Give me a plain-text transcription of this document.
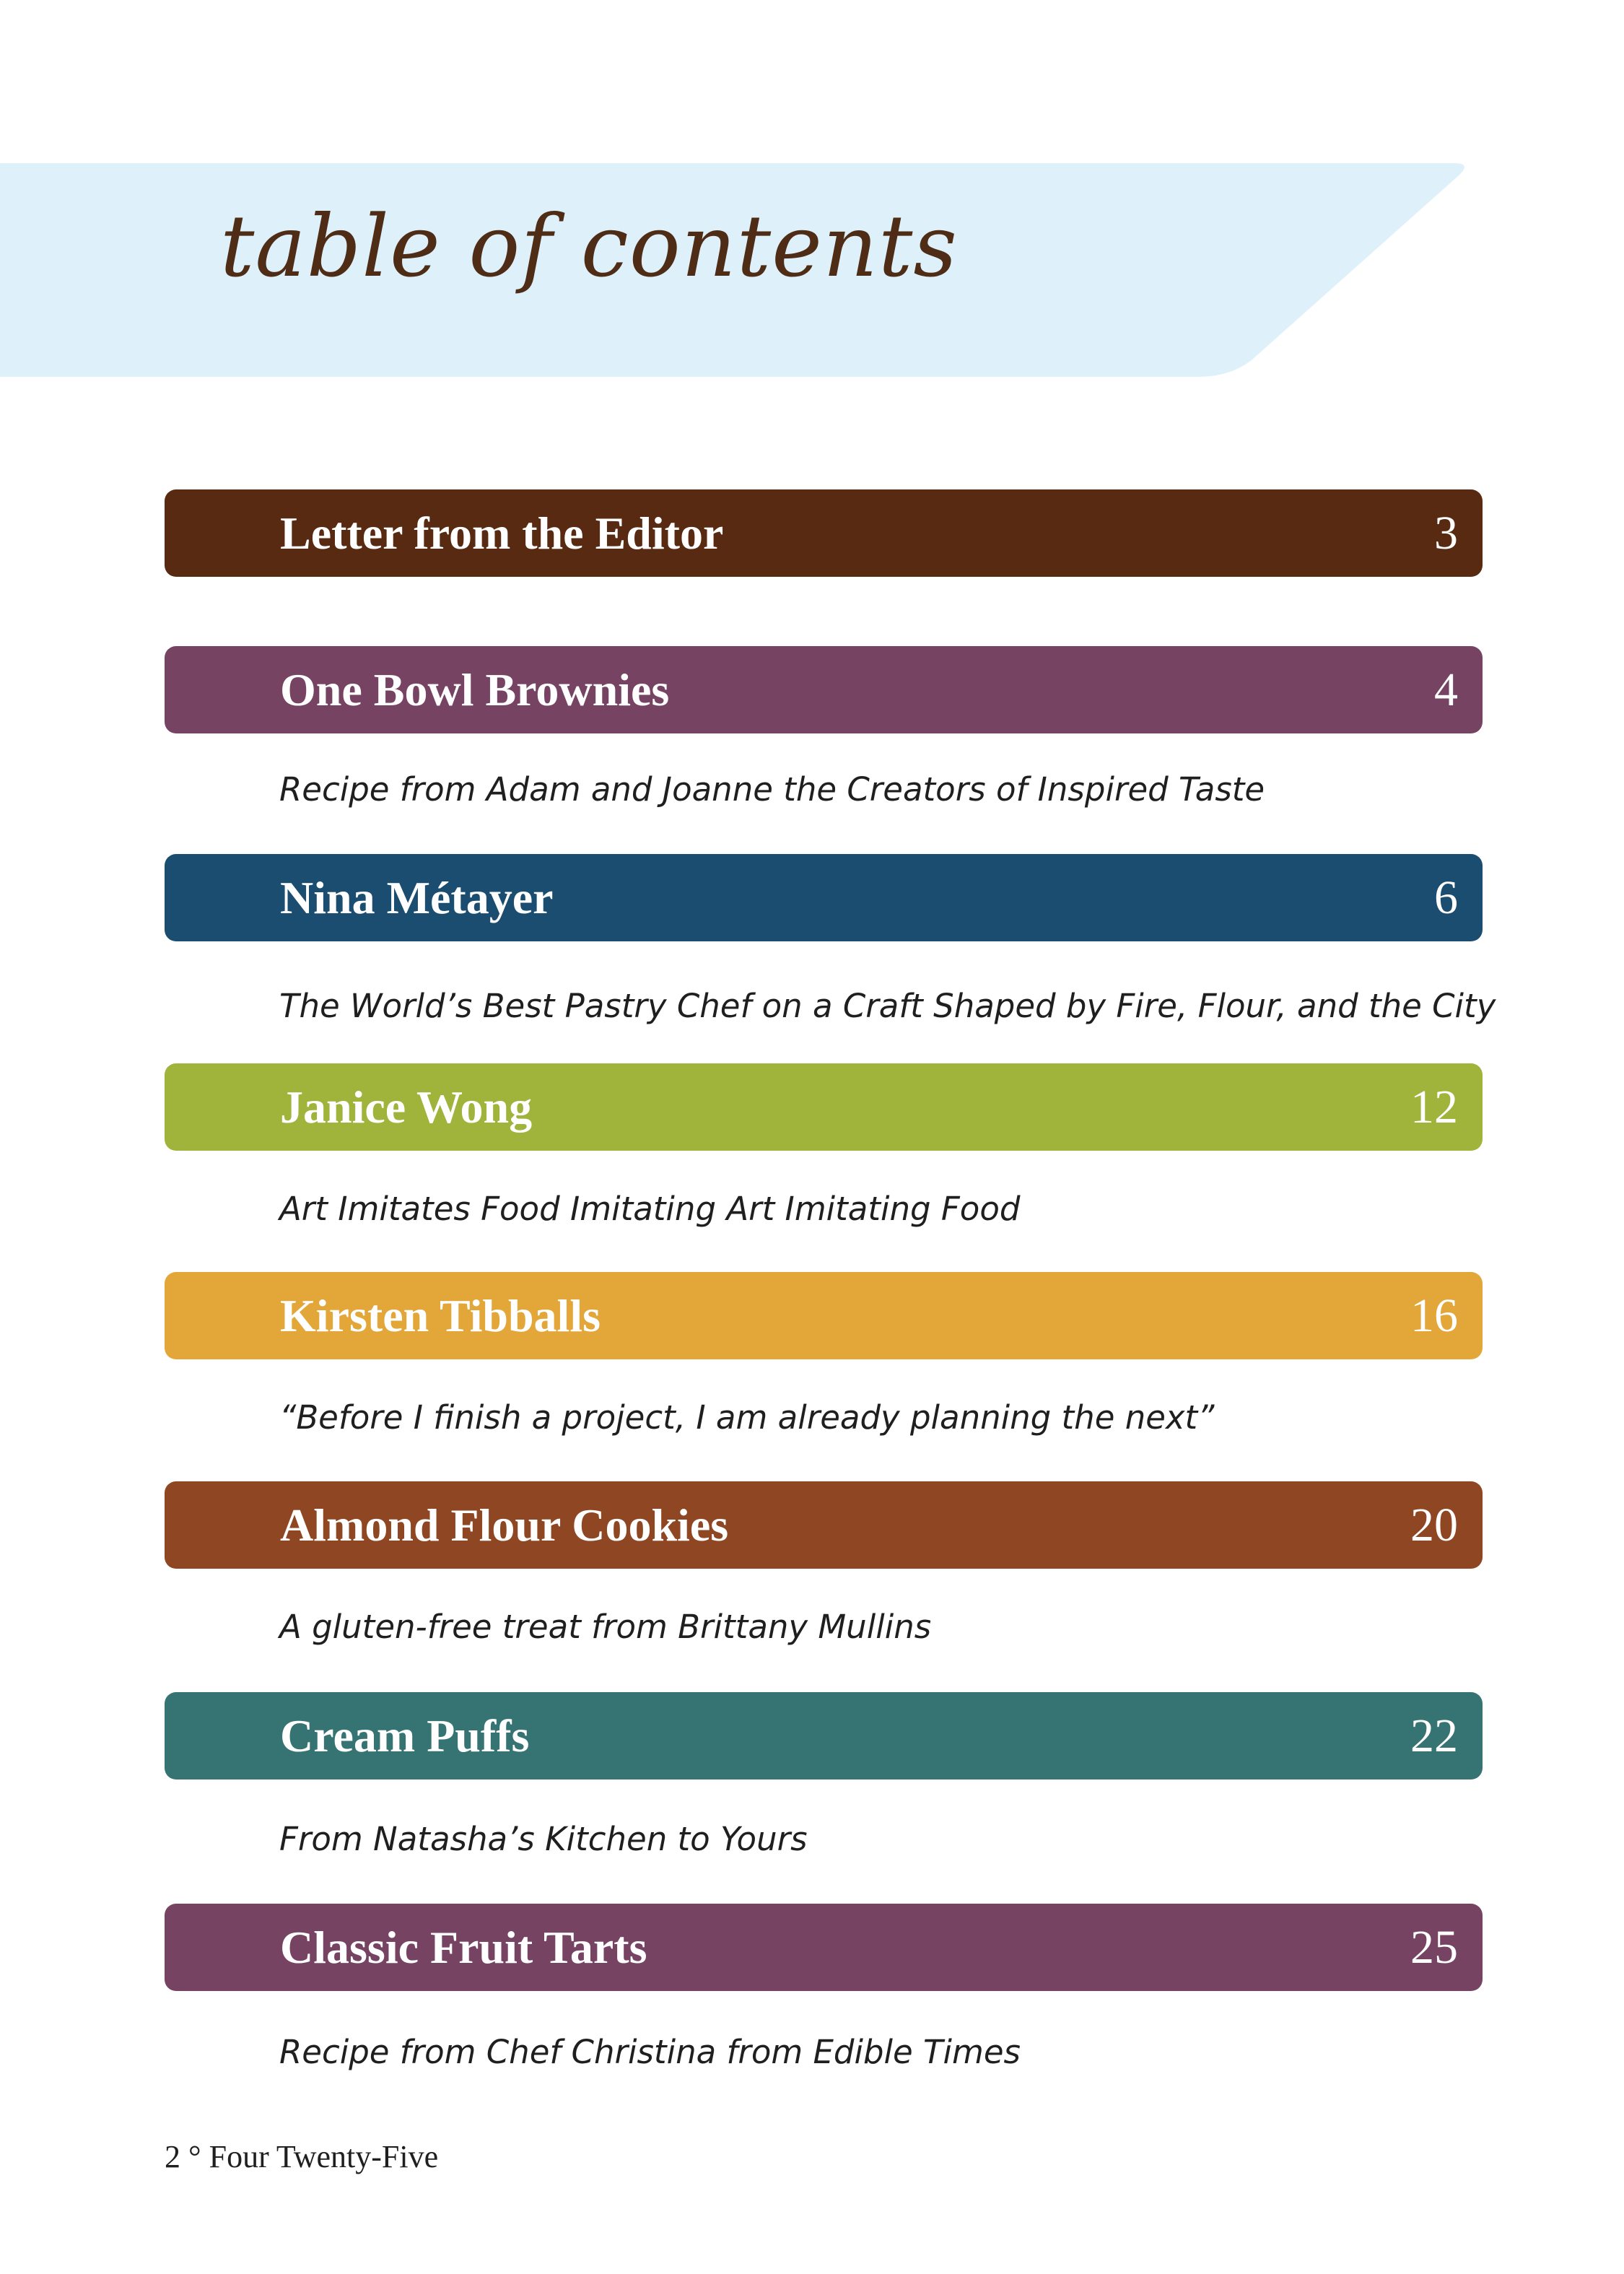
table of contents
Letter from the Editor	3
One Bowl Brownies	4
Recipe from Adam and Joanne the Creators of Inspired Taste
Nina Métayer	6
The World’s Best Pastry Chef on a Craft Shaped by Fire, Flour, and the City
Janice Wong	12
Art Imitates Food Imitating Art Imitating Food
Kirsten Tibballs	16
“Before I finish a project, I am already planning the next”
Almond Flour Cookies	20
A gluten-free treat from Brittany Mullins
Cream Puffs	22
From Natasha’s Kitchen to Yours
Classic Fruit Tarts	25
Recipe from Chef Christina from Edible Times
2 ° Four Twenty-Five
